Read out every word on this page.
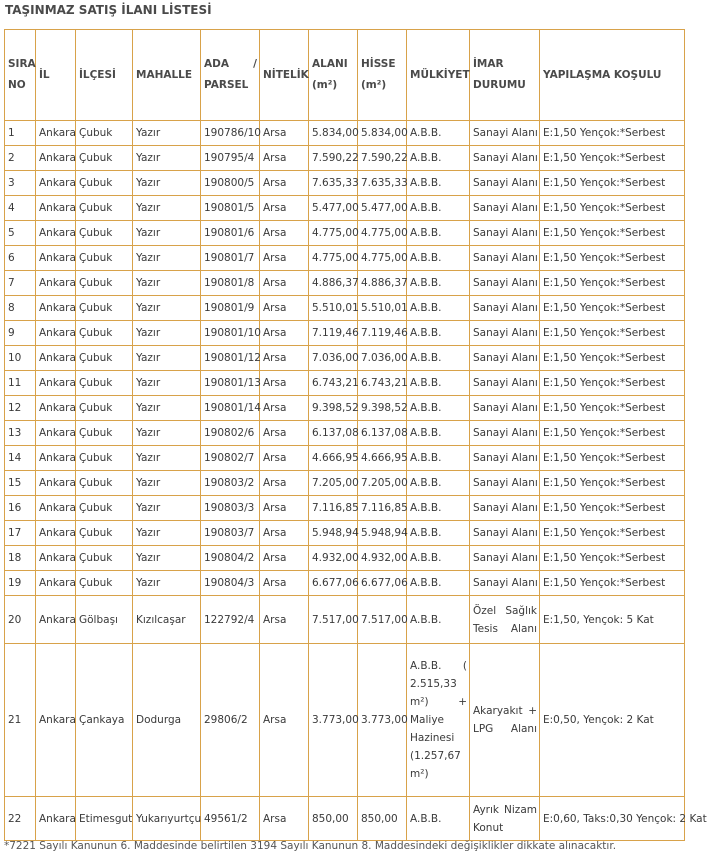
TAŞINMAZ SATIŞ İLANI LİSTESİ
SIRA NO	İL	İLÇESİ	MAHALLE	ADA / PARSEL	NİTELİK	ALANI (m²)	HİSSE (m²)	MÜLKİYET	İMAR DURUMU	YAPILAŞMA KOŞULU
1	Ankara	Çubuk	Yazır	190786/10	Arsa	5.834,00	5.834,00	A.B.B.	Sanayi Alanı	E:1,50 Yençok:*Serbest
2	Ankara	Çubuk	Yazır	190795/4	Arsa	7.590,22	7.590,22	A.B.B.	Sanayi Alanı	E:1,50 Yençok:*Serbest
3	Ankara	Çubuk	Yazır	190800/5	Arsa	7.635,33	7.635,33	A.B.B.	Sanayi Alanı	E:1,50 Yençok:*Serbest
4	Ankara	Çubuk	Yazır	190801/5	Arsa	5.477,00	5.477,00	A.B.B.	Sanayi Alanı	E:1,50 Yençok:*Serbest
5	Ankara	Çubuk	Yazır	190801/6	Arsa	4.775,00	4.775,00	A.B.B.	Sanayi Alanı	E:1,50 Yençok:*Serbest
6	Ankara	Çubuk	Yazır	190801/7	Arsa	4.775,00	4.775,00	A.B.B.	Sanayi Alanı	E:1,50 Yençok:*Serbest
7	Ankara	Çubuk	Yazır	190801/8	Arsa	4.886,37	4.886,37	A.B.B.	Sanayi Alanı	E:1,50 Yençok:*Serbest
8	Ankara	Çubuk	Yazır	190801/9	Arsa	5.510,01	5.510,01	A.B.B.	Sanayi Alanı	E:1,50 Yençok:*Serbest
9	Ankara	Çubuk	Yazır	190801/10	Arsa	7.119,46	7.119,46	A.B.B.	Sanayi Alanı	E:1,50 Yençok:*Serbest
10	Ankara	Çubuk	Yazır	190801/12	Arsa	7.036,00	7.036,00	A.B.B.	Sanayi Alanı	E:1,50 Yençok:*Serbest
11	Ankara	Çubuk	Yazır	190801/13	Arsa	6.743,21	6.743,21	A.B.B.	Sanayi Alanı	E:1,50 Yençok:*Serbest
12	Ankara	Çubuk	Yazır	190801/14	Arsa	9.398,52	9.398,52	A.B.B.	Sanayi Alanı	E:1,50 Yençok:*Serbest
13	Ankara	Çubuk	Yazır	190802/6	Arsa	6.137,08	6.137,08	A.B.B.	Sanayi Alanı	E:1,50 Yençok:*Serbest
14	Ankara	Çubuk	Yazır	190802/7	Arsa	4.666,95	4.666,95	A.B.B.	Sanayi Alanı	E:1,50 Yençok:*Serbest
15	Ankara	Çubuk	Yazır	190803/2	Arsa	7.205,00	7.205,00	A.B.B.	Sanayi Alanı	E:1,50 Yençok:*Serbest
16	Ankara	Çubuk	Yazır	190803/3	Arsa	7.116,85	7.116,85	A.B.B.	Sanayi Alanı	E:1,50 Yençok:*Serbest
17	Ankara	Çubuk	Yazır	190803/7	Arsa	5.948,94	5.948,94	A.B.B.	Sanayi Alanı	E:1,50 Yençok:*Serbest
18	Ankara	Çubuk	Yazır	190804/2	Arsa	4.932,00	4.932,00	A.B.B.	Sanayi Alanı	E:1,50 Yençok:*Serbest
19	Ankara	Çubuk	Yazır	190804/3	Arsa	6.677,06	6.677,06	A.B.B.	Sanayi Alanı	E:1,50 Yençok:*Serbest
20	Ankara	Gölbaşı	Kızılcaşar	122792/4	Arsa	7.517,00	7.517,00	A.B.B.	Özel Sağlık Tesis Alanı	E:1,50, Yençok: 5 Kat
21	Ankara	Çankaya	Dodurga	29806/2	Arsa	3.773,00	3.773,00	A.B.B. ( 2.515,33 m²) + Maliye Hazinesi (1.257,67 m²)	Akaryakıt + LPG Alanı	E:0,50, Yençok: 2 Kat
22	Ankara	Etimesgut	Yukarıyurtçu	49561/2	Arsa	850,00	850,00	A.B.B.	Ayrık Nizam Konut	E:0,60, Taks:0,30 Yençok: 2 Kat

*7221 Sayılı Kanunun 6. Maddesinde belirtilen 3194 Sayılı Kanunun 8. Maddesindeki değişiklikler dikkate alınacaktır.
